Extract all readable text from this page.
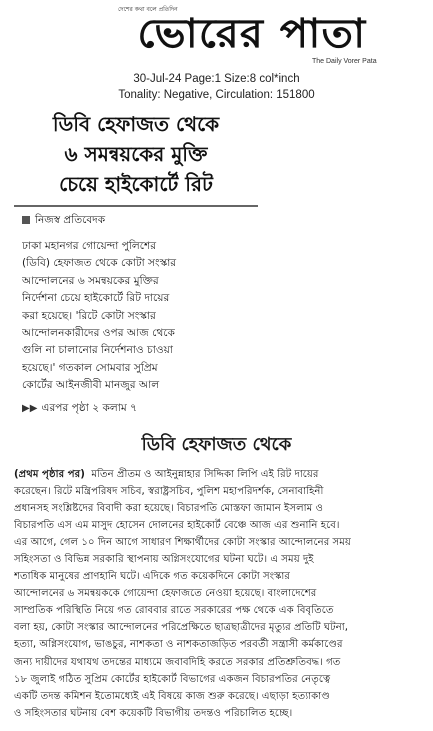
দেশের কথা বলে প্রতিদিন
ভোরের পাতা
The Daily Vorer Pata
30-Jul-24 Page:1 Size:8 col*inch
Tonality: Negative, Circulation: 151800
ডিবি হেফাজত থেকে
৬ সমন্বয়কের মুক্তি
চেয়ে হাইকোর্টে রিট
নিজস্ব প্রতিবেদক
ঢাকা মহানগর গোয়েন্দা পুলিশের
(ডিবি) হেফাজত থেকে কোটা সংস্কার
আন্দোলনের ৬ সমন্বয়কের মুক্তির
নির্দেশনা চেয়ে হাইকোর্টে রিট দায়ের
করা হয়েছে। 'রিটে কোটা সংস্কার
আন্দোলনকারীদের ওপর আজ থেকে
গুলি না চালানোর নির্দেশনাও চাওয়া
হয়েছে।' গতকাল সোমবার সুপ্রিম
কোর্টের আইনজীবী মানজুর আল
▶▶ এরপর পৃষ্ঠা ২ কলাম ৭
ডিবি হেফাজত থেকে
(প্রথম পৃষ্ঠার পর) মতিন প্রীতম ও আইনুন্নাহার সিদ্দিকা লিপি এই রিট দায়ের
করেছেন। রিটে মন্ত্রিপরিষদ সচিব, স্বরাষ্ট্রসচিব, পুলিশ মহাপরিদর্শক, সেনাবাহিনী
প্রধানসহ সংশ্লিষ্টদের বিবাদী করা হয়েছে। বিচারপতি মোস্তফা জামান ইসলাম ও
বিচারপতি এস এম মাসুদ হোসেন দোলনের হাইকোর্ট বেঞ্চে আজ এর শুনানি হবে।
এর আগে, গেল ১০ দিন আগে সাধারণ শিক্ষার্থীদের কোটা সংস্কার আন্দোলনের সময়
সহিংসতা ও বিভিন্ন সরকারি স্থাপনায় অগ্নিসংযোগের ঘটনা ঘটে। এ সময় দুই
শতাধিক মানুষের প্রাণহানি ঘটে। এদিকে গত কয়েকদিনে কোটা সংস্কার
আন্দোলনের ৬ সমন্বয়ককে গোয়েন্দা হেফাজতে নেওয়া হয়েছে। বাংলাদেশের
সাম্প্রতিক পরিস্থিতি নিয়ে গত রোববার রাতে সরকারের পক্ষ থেকে এক বিবৃতিতে
বলা হয়, কোটা সংস্কার আন্দোলনের পরিপ্রেক্ষিতে ছাত্রছাত্রীদের মৃত্যুর প্রতিটি ঘটনা,
হত্যা, অগ্নিসংযোগ, ভাঙচুর, নাশকতা ও নাশকতাজড়িত পরবর্তী সন্ত্রাসী কর্মকাণ্ডের
জন্য দায়ীদের যথাযথ তদন্তের মাধ্যমে জবাবদিহি করতে সরকার প্রতিশ্রুতিবদ্ধ। গত
১৮ জুলাই গঠিত সুপ্রিম কোর্টের হাইকোর্ট বিভাগের একজন বিচারপতির নেতৃত্বে
একটি তদন্ত কমিশন ইতোমধ্যেই এই বিষয়ে কাজ শুরু করেছে। এছাড়া হত্যাকাণ্ড
ও সহিংসতার ঘটনায় বেশ কয়েকটি বিভাগীয় তদন্তও পরিচালিত হচ্ছে।
